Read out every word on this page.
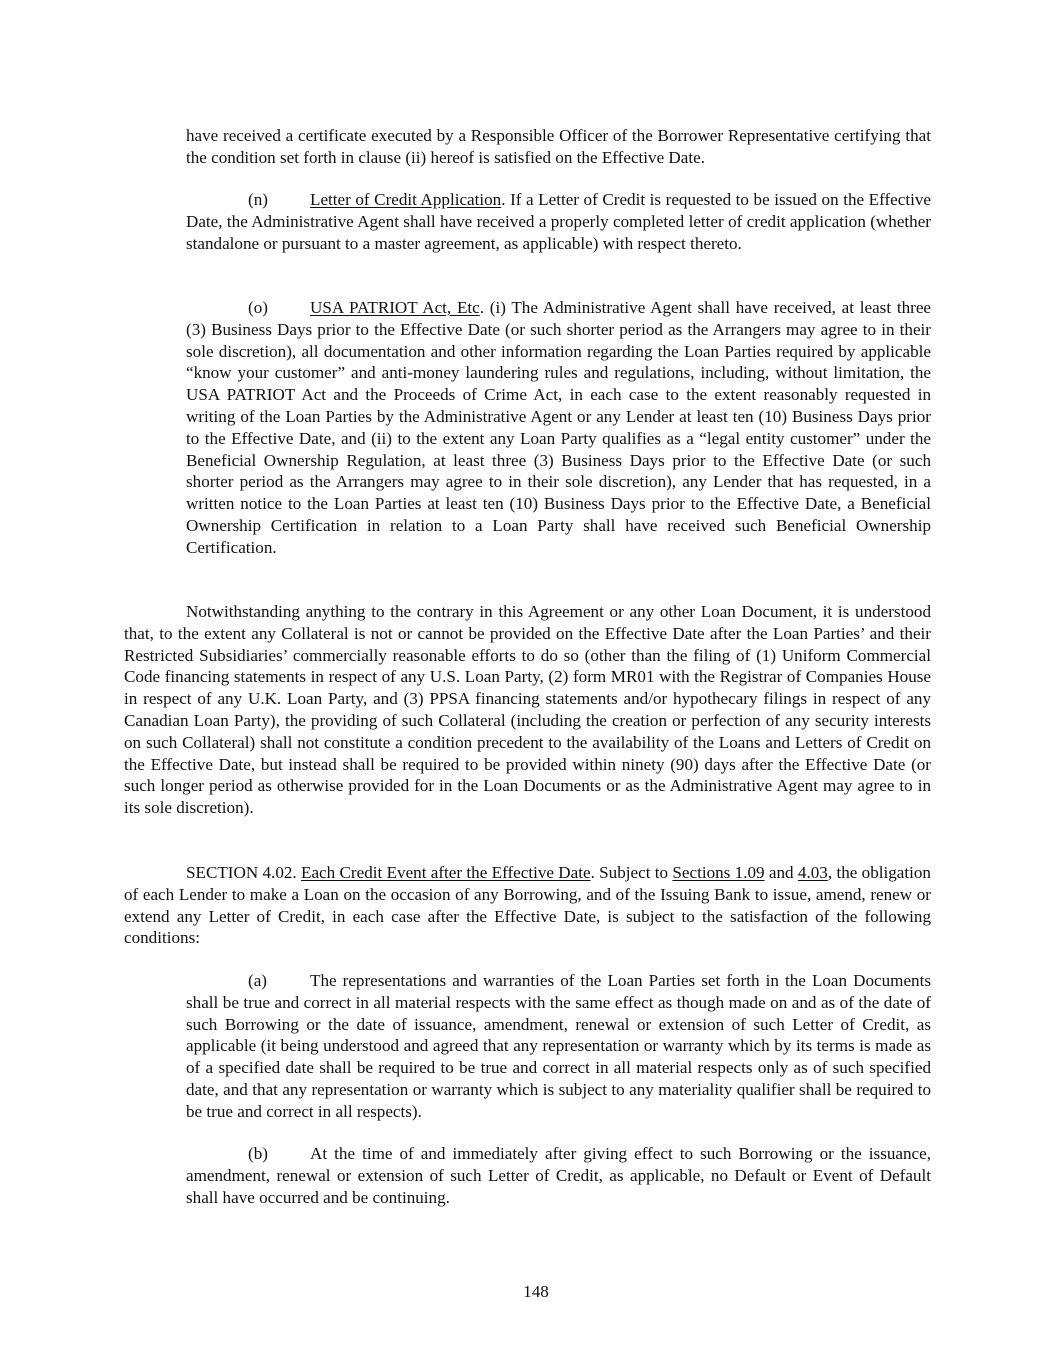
have received a certificate executed by a Responsible Officer of the Borrower Representative certifying that the condition set forth in clause (ii) hereof is satisfied on the Effective Date.

(n) Letter of Credit Application. If a Letter of Credit is requested to be issued on the Effective Date, the Administrative Agent shall have received a properly completed letter of credit application (whether standalone or pursuant to a master agreement, as applicable) with respect thereto.

(o) USA PATRIOT Act, Etc. (i) The Administrative Agent shall have received, at least three (3) Business Days prior to the Effective Date (or such shorter period as the Arrangers may agree to in their sole discretion), all documentation and other information regarding the Loan Parties required by applicable “know your customer” and anti-money laundering rules and regulations, including, without limitation, the USA PATRIOT Act and the Proceeds of Crime Act, in each case to the extent reasonably requested in writing of the Loan Parties by the Administrative Agent or any Lender at least ten (10) Business Days prior to the Effective Date, and (ii) to the extent any Loan Party qualifies as a “legal entity customer” under the Beneficial Ownership Regulation, at least three (3) Business Days prior to the Effective Date (or such shorter period as the Arrangers may agree to in their sole discretion), any Lender that has requested, in a written notice to the Loan Parties at least ten (10) Business Days prior to the Effective Date, a Beneficial Ownership Certification in relation to a Loan Party shall have received such Beneficial Ownership Certification.

Notwithstanding anything to the contrary in this Agreement or any other Loan Document, it is understood that, to the extent any Collateral is not or cannot be provided on the Effective Date after the Loan Parties’ and their Restricted Subsidiaries’ commercially reasonable efforts to do so (other than the filing of (1) Uniform Commercial Code financing statements in respect of any U.S. Loan Party, (2) form MR01 with the Registrar of Companies House in respect of any U.K. Loan Party, and (3) PPSA financing statements and/or hypothecary filings in respect of any Canadian Loan Party), the providing of such Collateral (including the creation or perfection of any security interests on such Collateral) shall not constitute a condition precedent to the availability of the Loans and Letters of Credit on the Effective Date, but instead shall be required to be provided within ninety (90) days after the Effective Date (or such longer period as otherwise provided for in the Loan Documents or as the Administrative Agent may agree to in its sole discretion).

SECTION 4.02. Each Credit Event after the Effective Date. Subject to Sections 1.09 and 4.03, the obligation of each Lender to make a Loan on the occasion of any Borrowing, and of the Issuing Bank to issue, amend, renew or extend any Letter of Credit, in each case after the Effective Date, is subject to the satisfaction of the following conditions:

(a)	The representations and warranties of the Loan Parties set forth in the Loan Documents shall be true and correct in all material respects with the same effect as though made on and as of the date of such Borrowing or the date of issuance, amendment, renewal or extension of such Letter of Credit, as applicable (it being understood and agreed that any representation or warranty which by its terms is made as of a specified date shall be required to be true and correct in all material respects only as of such specified date, and that any representation or warranty which is subject to any materiality qualifier shall be required to be true and correct in all respects).

(b) At the time of and immediately after giving effect to such Borrowing or the issuance, amendment, renewal or extension of such Letter of Credit, as applicable, no Default or Event of Default shall have occurred and be continuing.

148
